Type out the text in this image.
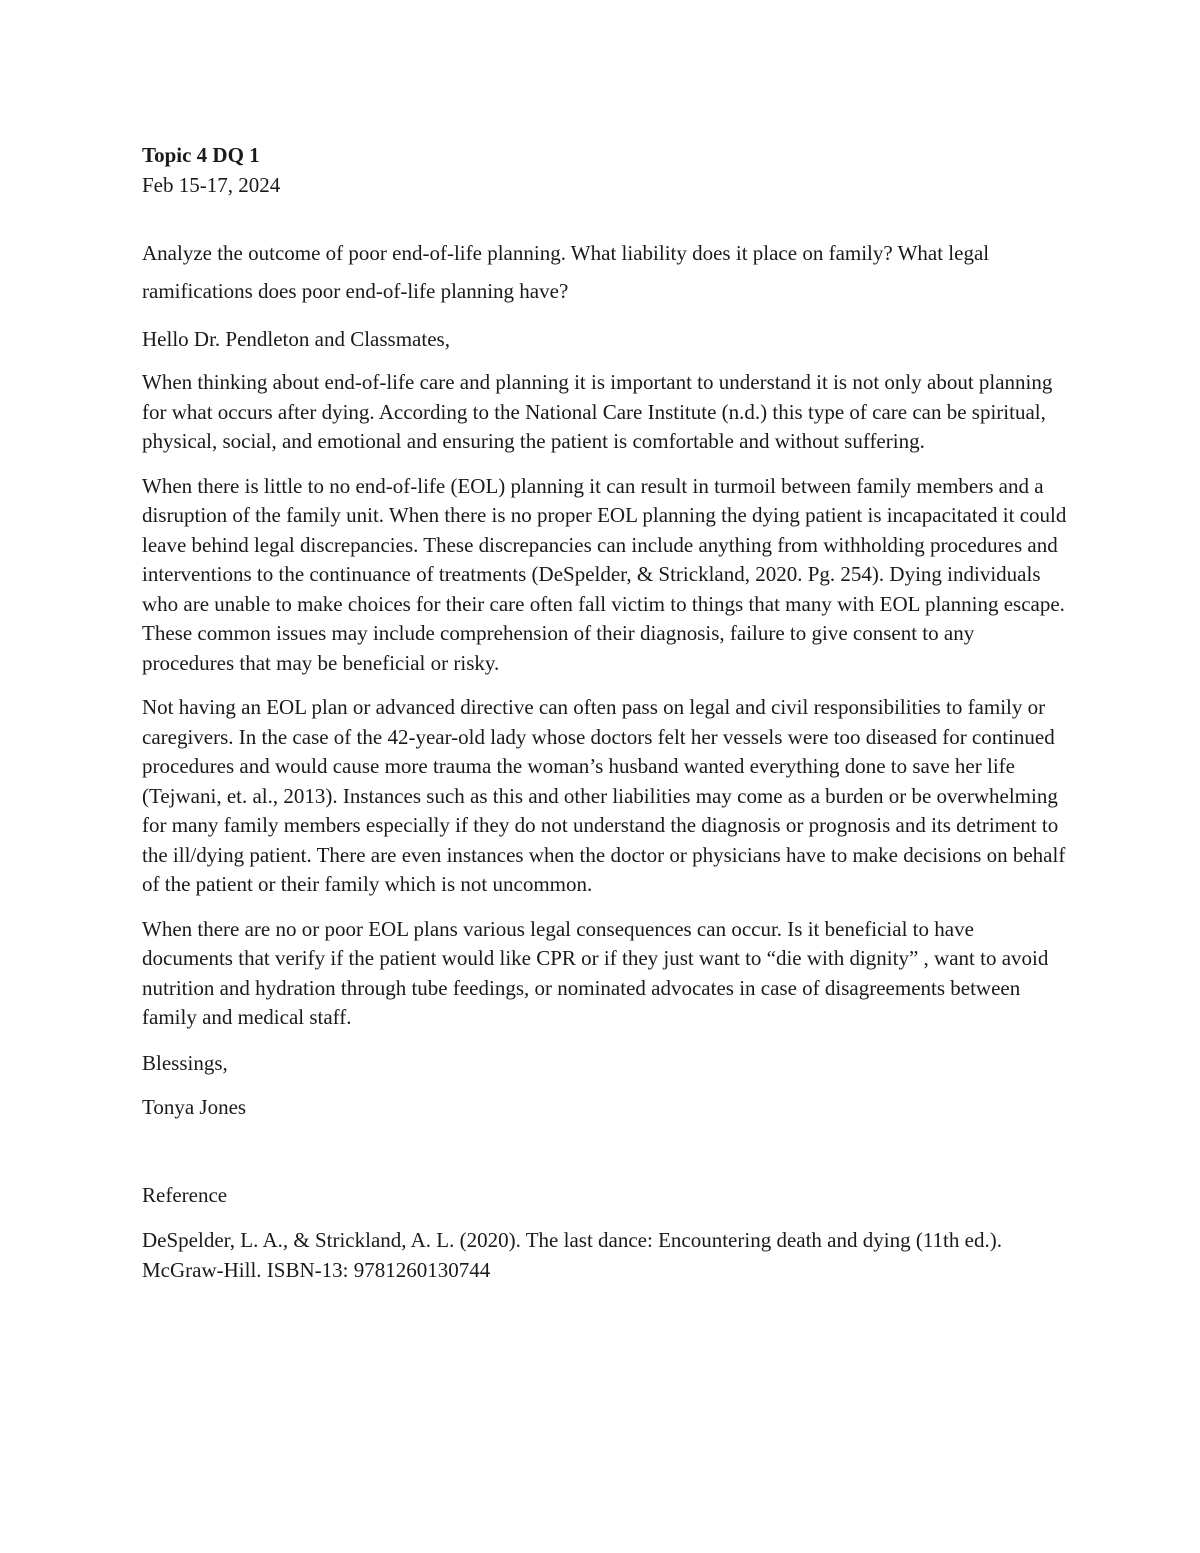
Topic 4 DQ 1

Feb 15-17, 2024

Analyze the outcome of poor end-of-life planning. What liability does it place on family? What legal ramifications does poor end-of-life planning have?

Hello Dr. Pendleton and Classmates,

When thinking about end-of-life care and planning it is important to understand it is not only about planning for what occurs after dying. According to the National Care Institute (n.d.) this type of care can be spiritual, physical, social, and emotional and ensuring the patient is comfortable and without suffering.

When there is little to no end-of-life (EOL) planning it can result in turmoil between family members and a disruption of the family unit. When there is no proper EOL planning the dying patient is incapacitated it could leave behind legal discrepancies. These discrepancies can include anything from withholding procedures and interventions to the continuance of treatments (DeSpelder, & Strickland, 2020. Pg. 254). Dying individuals who are unable to make choices for their care often fall victim to things that many with EOL planning escape. These common issues may include comprehension of their diagnosis, failure to give consent to any procedures that may be beneficial or risky.

Not having an EOL plan or advanced directive can often pass on legal and civil responsibilities to family or caregivers. In the case of the 42-year-old lady whose doctors felt her vessels were too diseased for continued procedures and would cause more trauma the woman’s husband wanted everything done to save her life (Tejwani, et. al., 2013). Instances such as this and other liabilities may come as a burden or be overwhelming for many family members especially if they do not understand the diagnosis or prognosis and its detriment to the ill/dying patient. There are even instances when the doctor or physicians have to make decisions on behalf of the patient or their family which is not uncommon.

When there are no or poor EOL plans various legal consequences can occur. Is it beneficial to have documents that verify if the patient would like CPR or if they just want to “die with dignity” , want to avoid nutrition and hydration through tube feedings, or nominated advocates in case of disagreements between family and medical staff.

Blessings,

Tonya Jones

Reference

DeSpelder, L. A., & Strickland, A. L. (2020). The last dance: Encountering death and dying (11th ed.). McGraw-Hill. ISBN-13: 9781260130744
